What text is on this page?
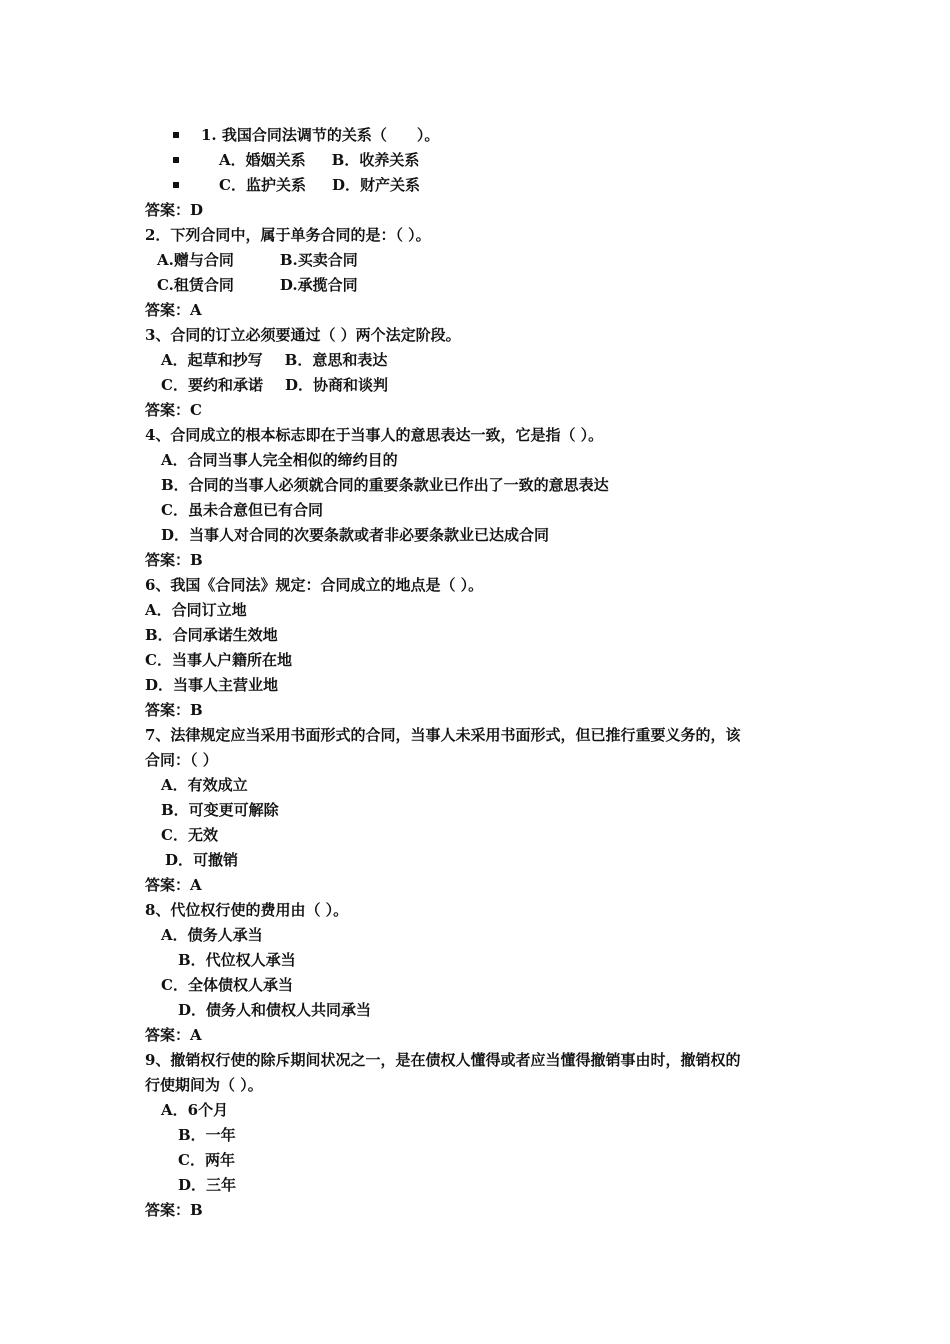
1. 我国合同法调节的关系（　　）。
A．婚姻关系 B．收养关系
C．监护关系 D．财产关系
答案：D
2．下列合同中，属于单务合同的是：（ ）。
A.赠与合同	B.买卖合同
C.租赁合同	D.承揽合同
答案：A
3、合同的订立必须要通过（ ）两个法定阶段。
A．起草和抄写 B．意思和表达
C．要约和承诺 D．协商和谈判
答案：C
4、合同成立的根本标志即在于当事人的意思表达一致，它是指（ ）。
A．合同当事人完全相似的缔约目的
B．合同的当事人必须就合同的重要条款业已作出了一致的意思表达
C．虽未合意但已有合同
D．当事人对合同的次要条款或者非必要条款业已达成合同
答案：B
6、我国《合同法》规定：合同成立的地点是（ ）。
A．合同订立地
B．合同承诺生效地
C．当事人户籍所在地
D．当事人主营业地
答案：B
7、法律规定应当采用书面形式的合同，当事人未采用书面形式，但已推行重要义务的，该
合同：（ ）
A．有效成立
B．可变更可解除
C．无效
D．可撤销
答案：A
8、代位权行使的费用由（ ）。
A．债务人承当
B．代位权人承当
C．全体债权人承当
D．债务人和债权人共同承当
答案：A
9、撤销权行使的除斥期间状况之一，是在债权人懂得或者应当懂得撤销事由时，撤销权的
行使期间为（ ）。
A．6个月
B．一年
C．两年
D．三年
答案：B
